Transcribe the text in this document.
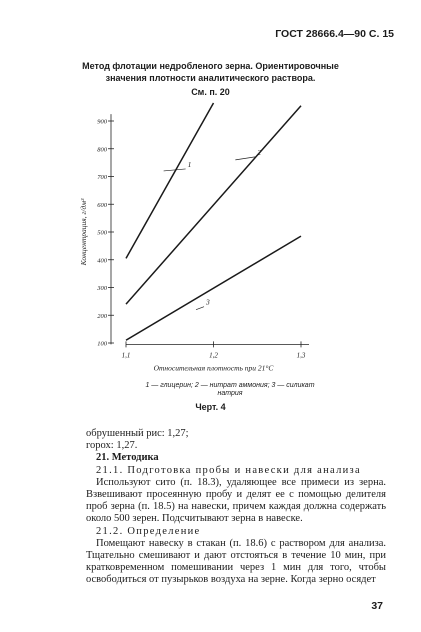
ГОСТ 28666.4—90 С. 15
Метод флотации недробленого зерна. Ориентировочные
значения плотности аналитического раствора.
См. п. 20
100
200
300
400
500
600
700
800
900
1,1	1,2	1,3
1
2
3
Концентрация, г/дм³
Относительная плотность при 21°С
1 — глицерин; 2 — нитрат аммония; 3 — силикат
натрия
Черт. 4

обрушенный рис: 1,27;

горох: 1,27.

21. Методика

21.1. Подготовка пробы и навески для анализа

Используют сито (п. 18.3), удаляющее все примеси из зерна. Взвешивают просеянную пробу и делят ее с помощью делителя проб зерна (п. 18.5) на навески, причем каждая должна содержать около 500 зерен. Подсчитывают зерна в навеске.

21.2. Определение

Помещают навеску в стакан (п. 18.6) с раствором для анализа. Тщательно смешивают и дают отстояться в течение 10 мин, при кратковременном помешивании через 1 мин для того, чтобы освободиться от пузырьков воздуха на зерне. Когда зерно осядет

37
